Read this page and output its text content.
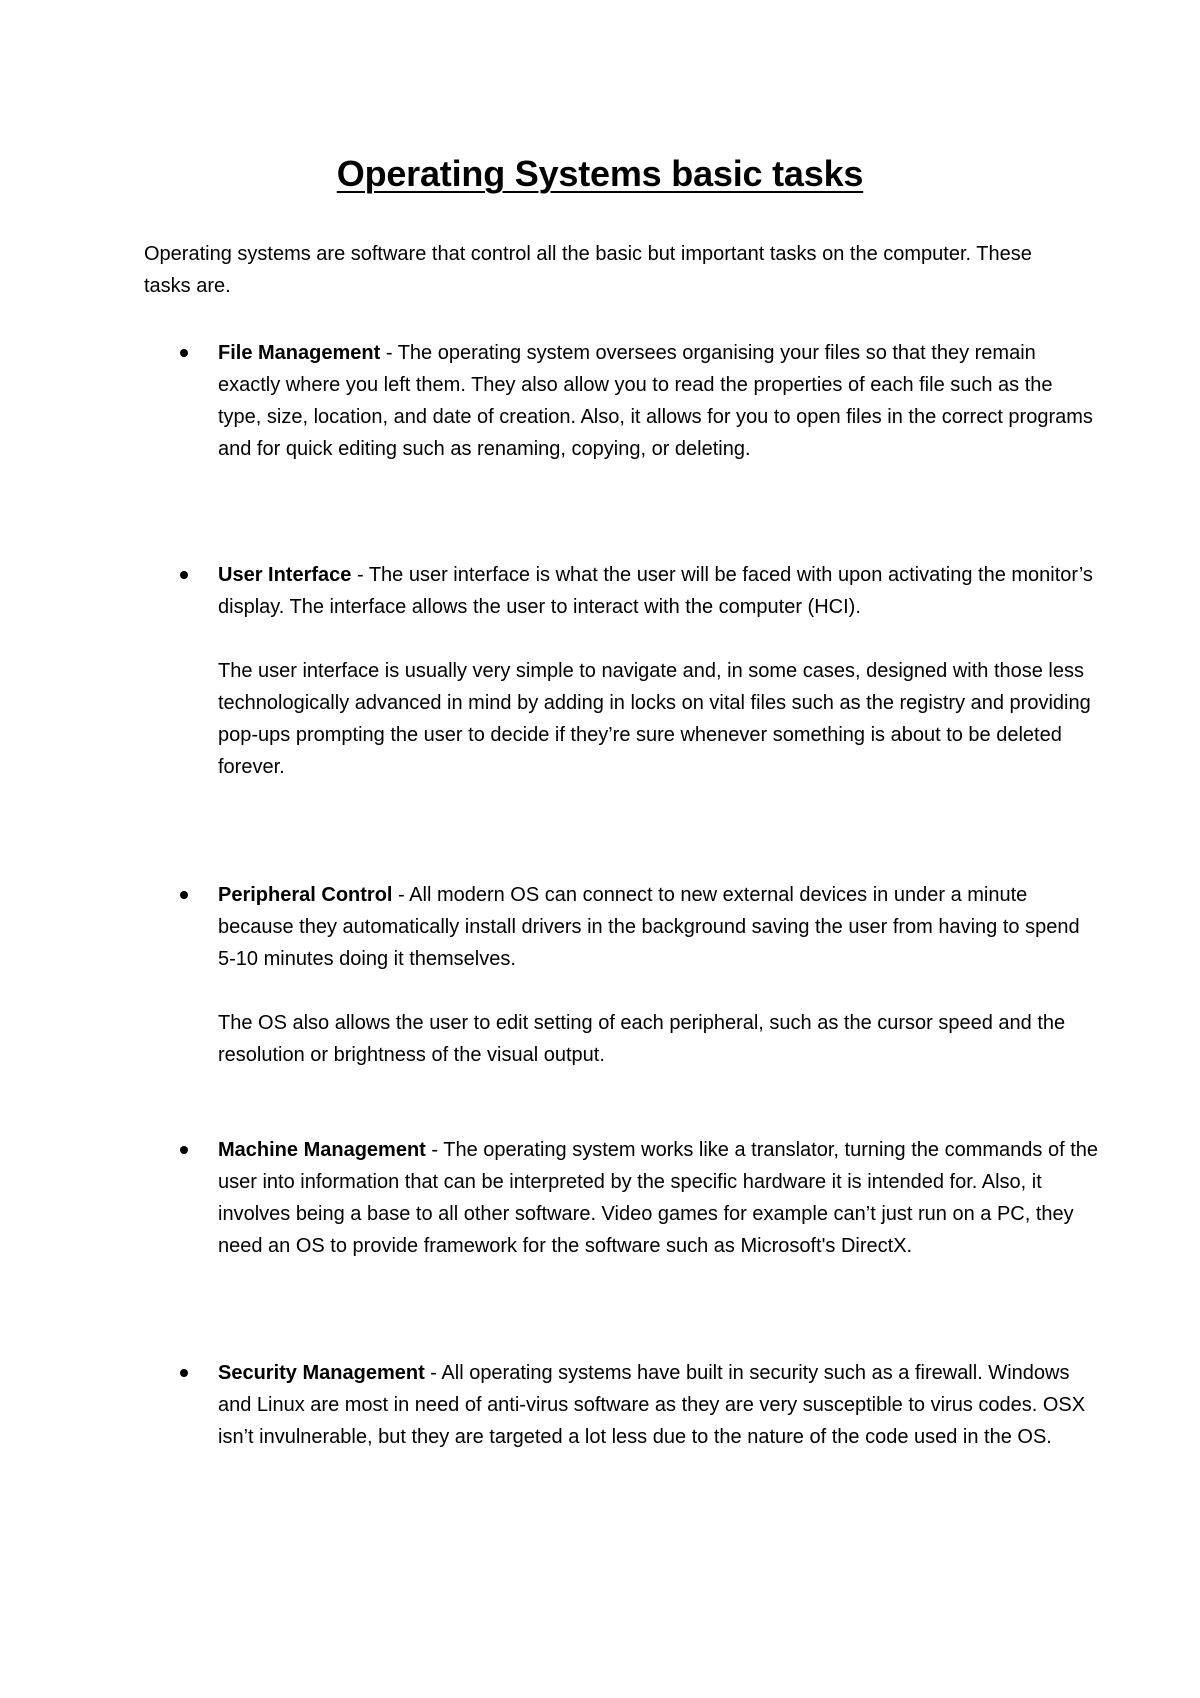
Operating Systems basic tasks

Operating systems are software that control all the basic but important tasks on the computer. These tasks are.

File Management - The operating system oversees organising your files so that they remain exactly where you left them. They also allow you to read the properties of each file such as the type, size, location, and date of creation. Also, it allows for you to open files in the correct programs and for quick editing such as renaming, copying, or deleting.

User Interface - The user interface is what the user will be faced with upon activating the monitor’s display. The interface allows the user to interact with the computer (HCI).

The user interface is usually very simple to navigate and, in some cases, designed with those less technologically advanced in mind by adding in locks on vital files such as the registry and providing pop-ups prompting the user to decide if they’re sure whenever something is about to be deleted forever.

Peripheral Control - All modern OS can connect to new external devices in under a minute because they automatically install drivers in the background saving the user from having to spend 5-10 minutes doing it themselves.

The OS also allows the user to edit setting of each peripheral, such as the cursor speed and the resolution or brightness of the visual output.

Machine Management - The operating system works like a translator, turning the commands of the user into information that can be interpreted by the specific hardware it is intended for. Also, it involves being a base to all other software. Video games for example can’t just run on a PC, they need an OS to provide framework for the software such as Microsoft's DirectX.

Security Management - All operating systems have built in security such as a firewall. Windows and Linux are most in need of anti-virus software as they are very susceptible to virus codes. OSX isn’t invulnerable, but they are targeted a lot less due to the nature of the code used in the OS.
